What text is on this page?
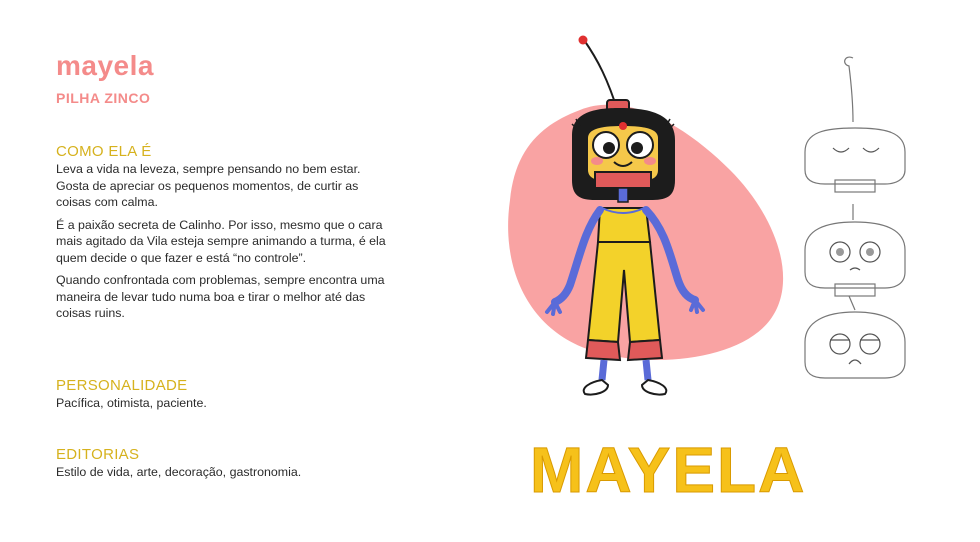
mayela
PILHA ZINCO
COMO ELA É

Leva a vida na leveza, sempre pensando no bem estar. Gosta de apreciar os pequenos momentos, de curtir as coisas com calma.

É a paixão secreta de Calinho. Por isso, mesmo que o cara mais agitado da Vila esteja sempre animando a turma, é ela quem decide o que fazer e está “no controle”.

Quando confrontada com problemas, sempre encontra uma maneira de levar tudo numa boa e tirar o melhor até das coisas ruins.

PERSONALIDADE

Pacífica, otimista, paciente.

EDITORIAS

Estilo de vida, arte, decoração, gastronomia.	MAYELA
